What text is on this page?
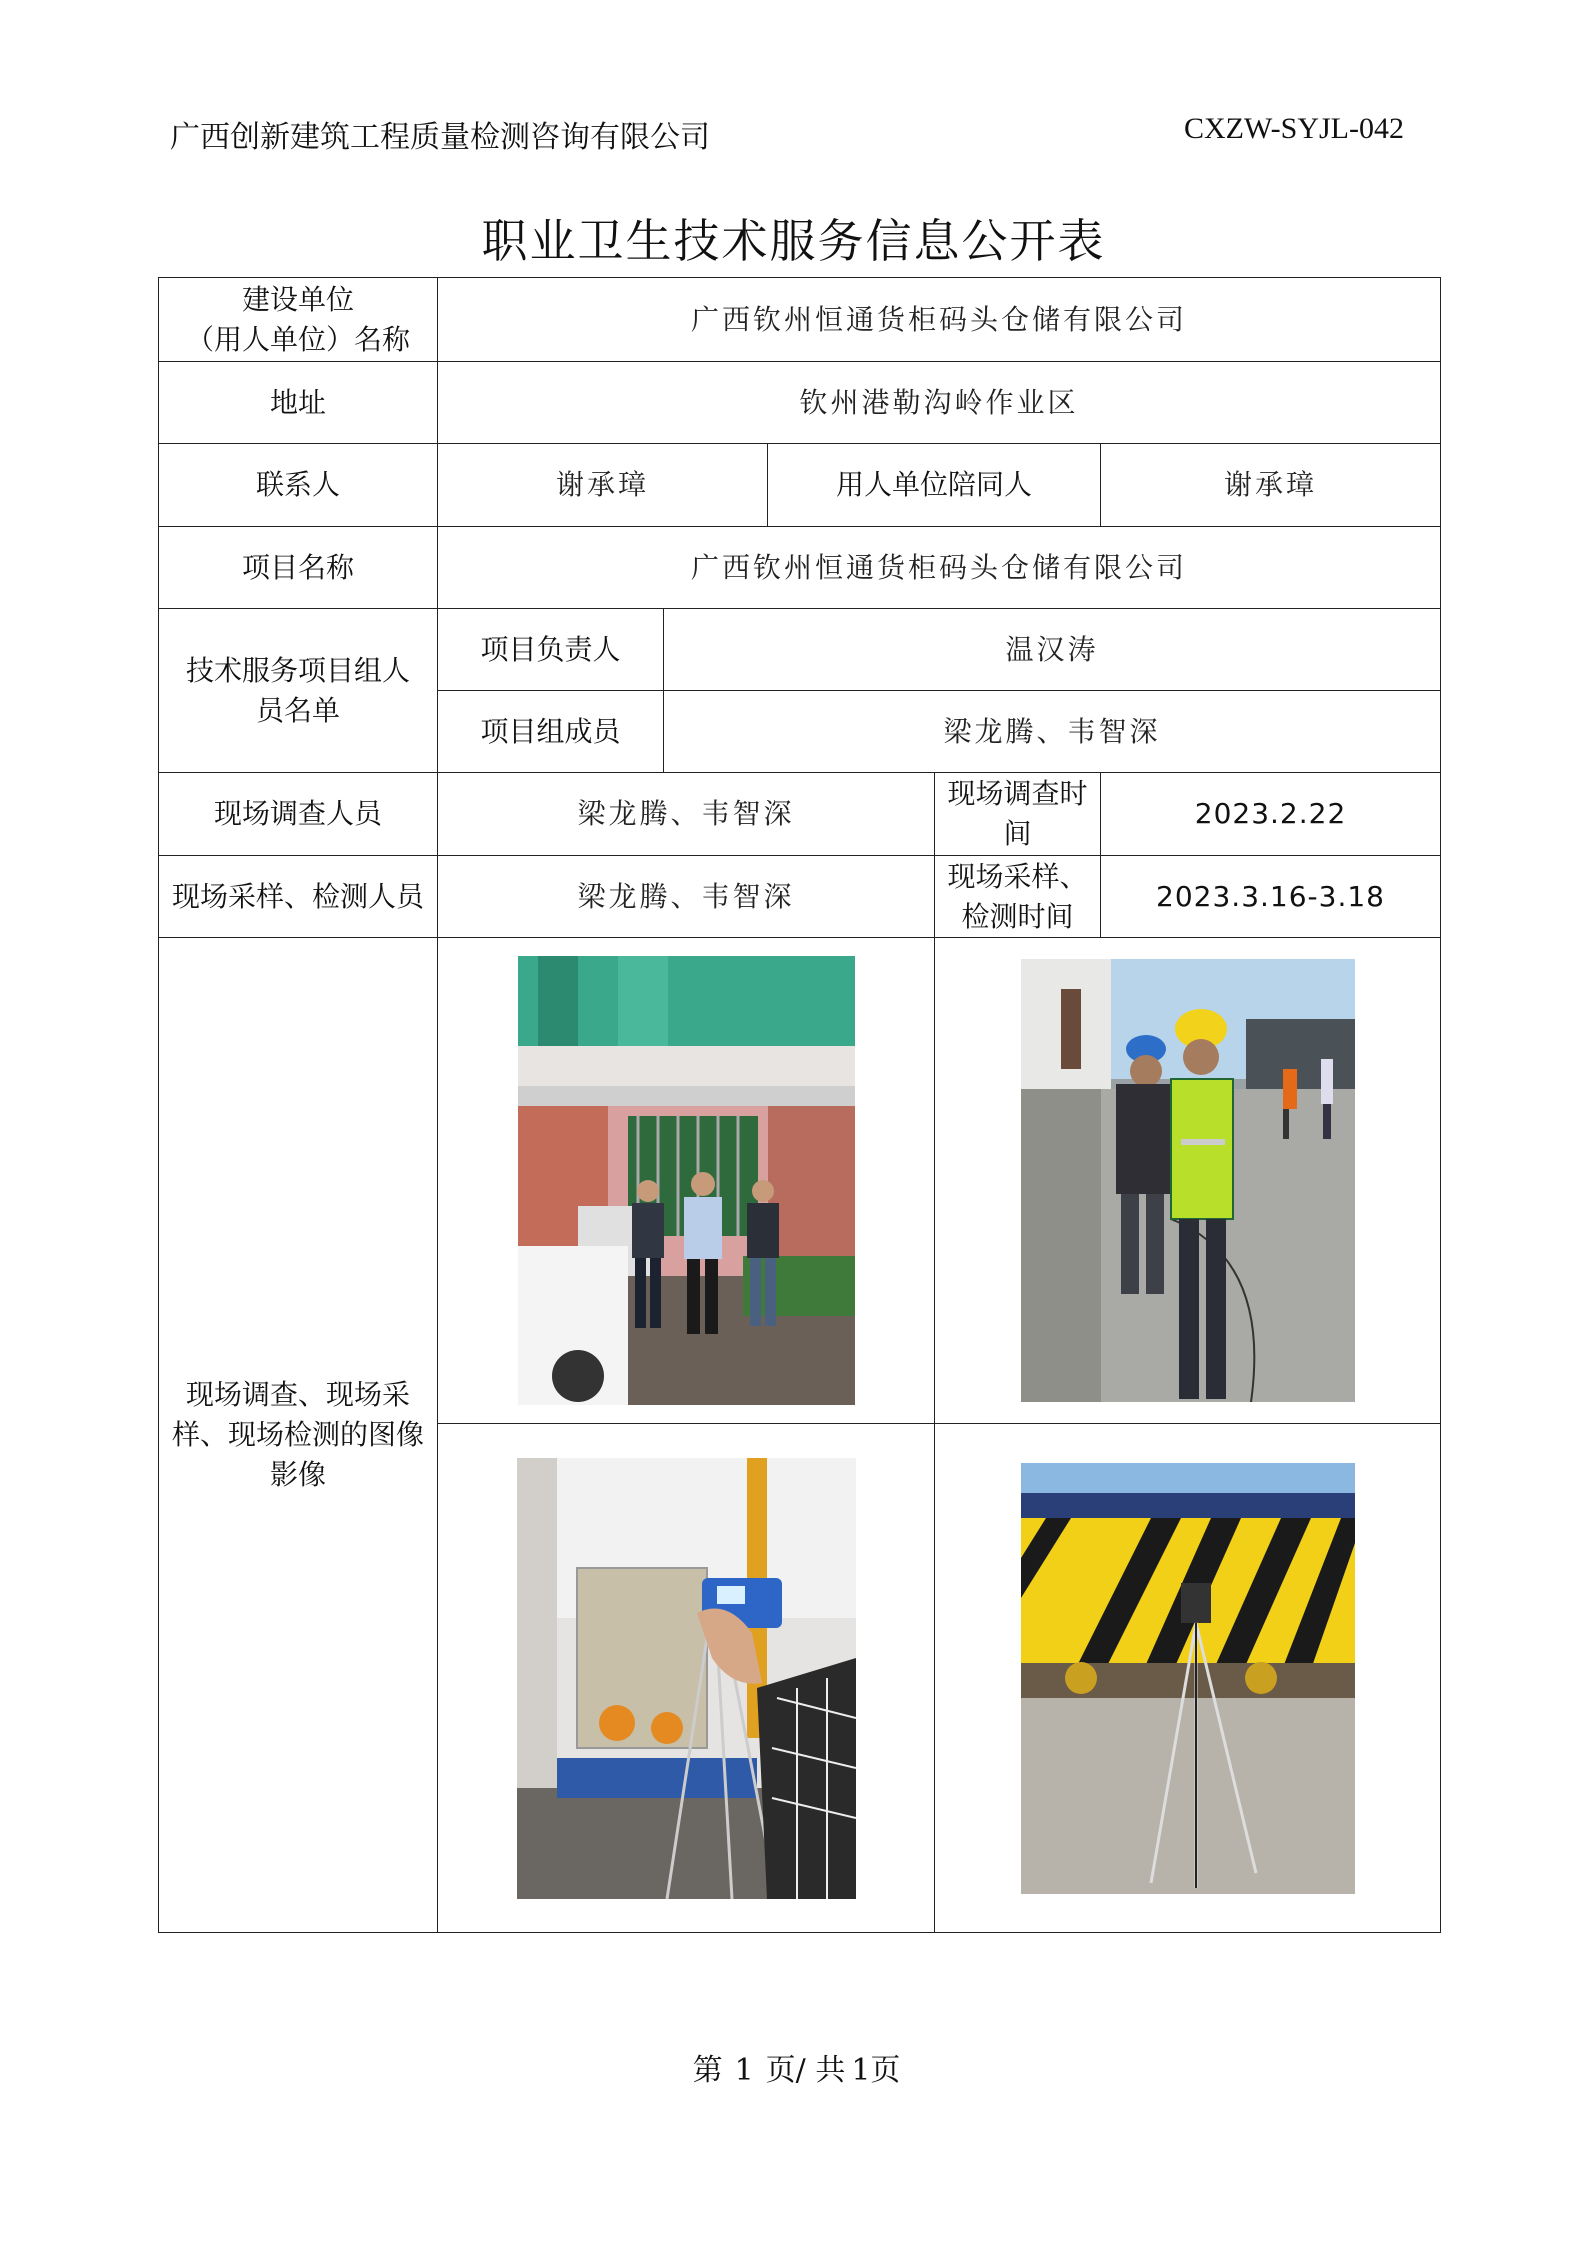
广西创新建筑工程质量检测咨询有限公司	CXZW-SYJL-042
职业卫生技术服务信息公开表
建设单位
（用人单位）名称	广西钦州恒通货柜码头仓储有限公司				
地址	钦州港勒沟岭作业区				
联系人	谢承璋		用人单位陪同人		谢承璋
项目名称	广西钦州恒通货柜码头仓储有限公司				

技术服务项目组人
员名单	项目负责人	温汉涛			
	项目组成员	梁龙腾、韦智深			
现场调查人员	梁龙腾、韦智深			现场调查时间	2023.2.22
现场采样、检测人员	梁龙腾、韦智深			现场采样、检测时间	2023.3.16-3.18

现场调查、现场采
样、现场检测的图像
影像

第 1 页/ 共 1页
